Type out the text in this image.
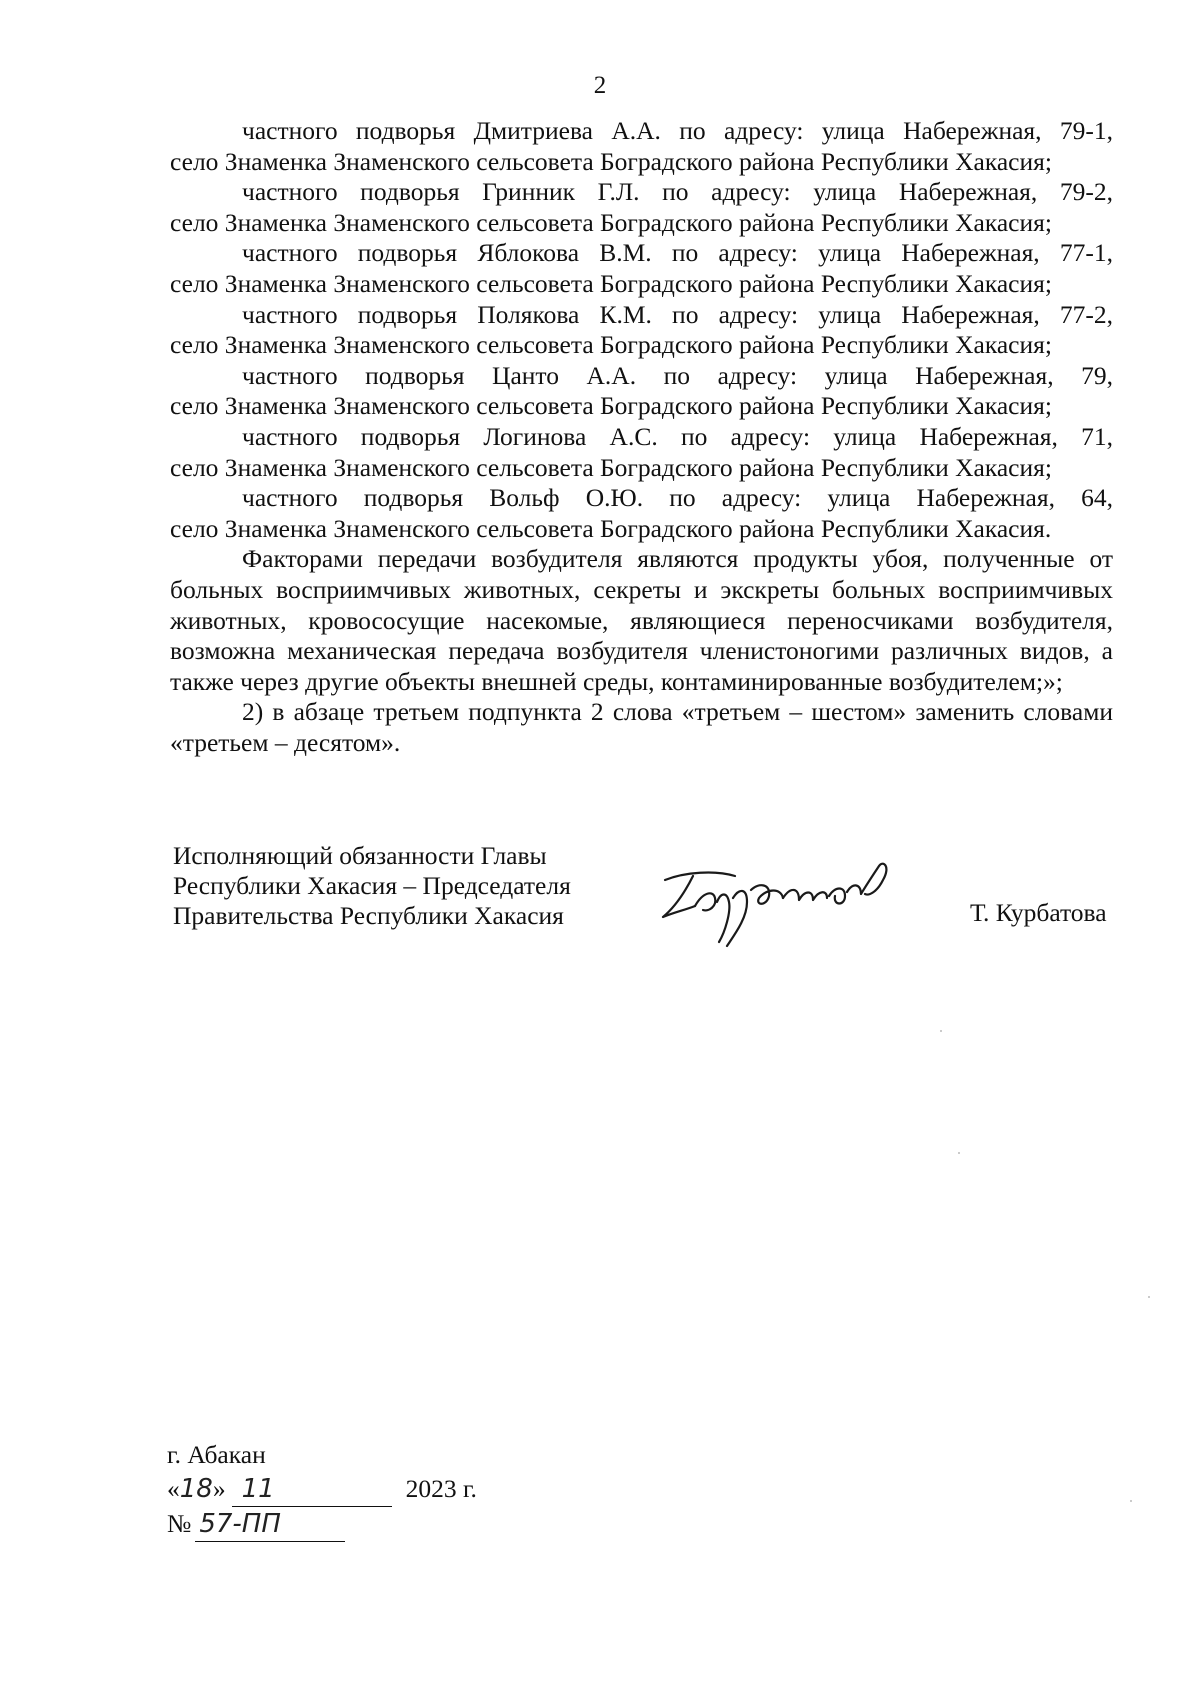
2
частного подворья Дмитриева А.А. по адресу: улица Набережная, 79-1,
село Знаменка Знаменского сельсовета Боградского района Республики Хакасия;
частного подворья Гринник Г.Л. по адресу: улица Набережная, 79-2,
село Знаменка Знаменского сельсовета Боградского района Республики Хакасия;
частного подворья Яблокова В.М. по адресу: улица Набережная, 77-1,
село Знаменка Знаменского сельсовета Боградского района Республики Хакасия;
частного подворья Полякова К.М. по адресу: улица Набережная, 77-2,
село Знаменка Знаменского сельсовета Боградского района Республики Хакасия;
частного подворья Цанто А.А. по адресу: улица Набережная, 79,
село Знаменка Знаменского сельсовета Боградского района Республики Хакасия;
частного подворья Логинова А.С. по адресу: улица Набережная, 71,
село Знаменка Знаменского сельсовета Боградского района Республики Хакасия;
частного подворья Вольф О.Ю. по адресу: улица Набережная, 64,
село Знаменка Знаменского сельсовета Боградского района Республики Хакасия.
Факторами передачи возбудителя являются продукты убоя, полученные от
больных восприимчивых животных, секреты и экскреты больных восприимчивых
животных, кровососущие насекомые, являющиеся переносчиками возбудителя,
возможна механическая передача возбудителя членистоногими различных видов, а
также через другие объекты внешней среды, контаминированные возбудителем;»;
2) в абзаце третьем подпункта 2 слова «третьем – шестом» заменить словами
«третьем – десятом».
Исполняющий обязанности Главы
Республики Хакасия – Председателя
Правительства Республики Хакасия	Т. Курбатова
г. Абакан
«18» 11	2023 г.
№ 57-ПП
